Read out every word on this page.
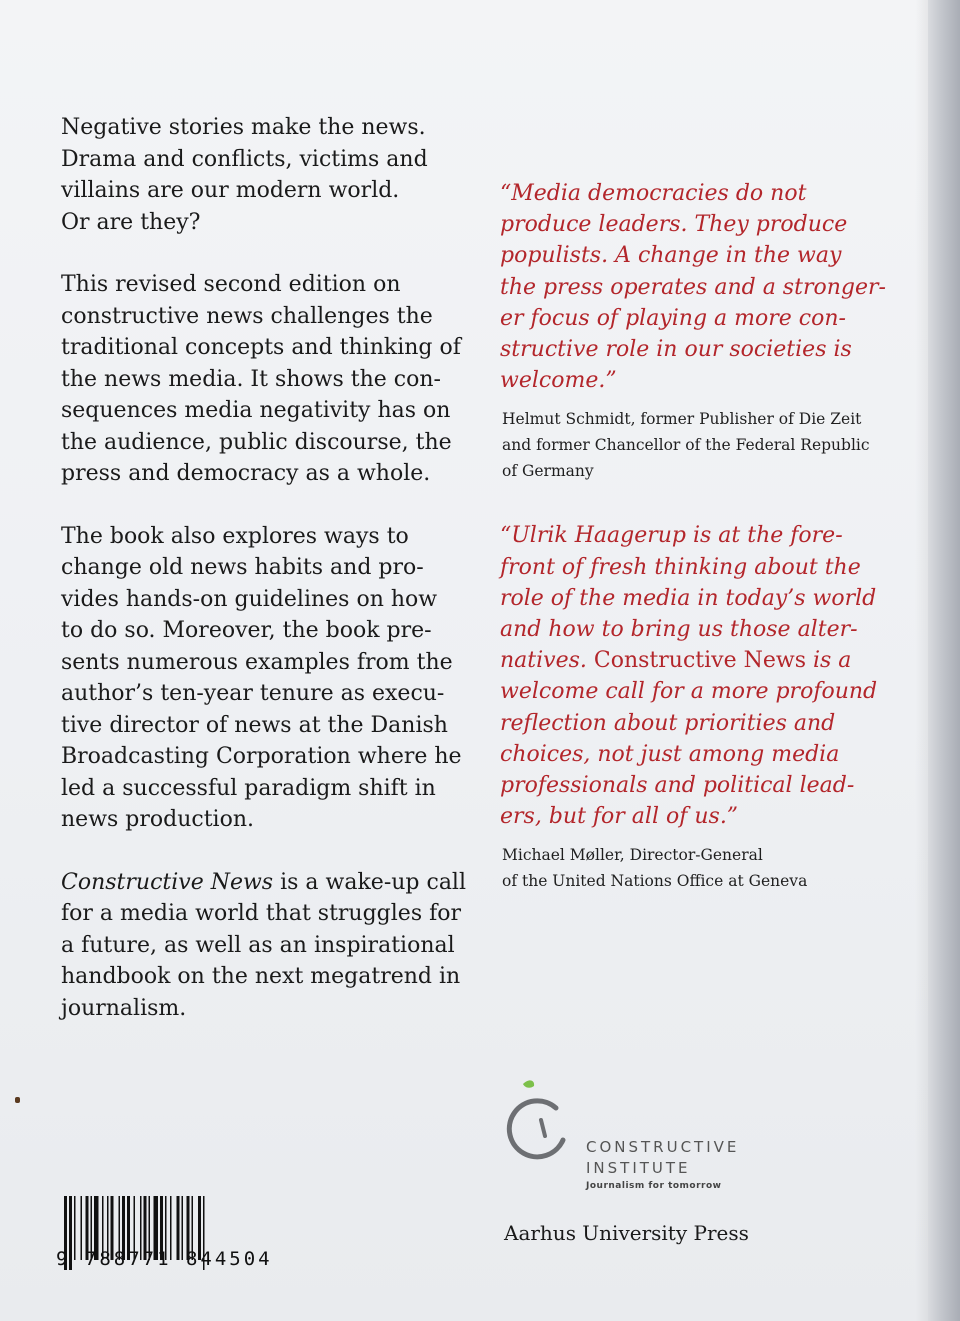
Negative stories make the news.
Drama and conflicts, victims and
villains are our modern world.
Or are they?

This revised second edition on
constructive news challenges the
traditional concepts and thinking of
the news media. It shows the con-
sequences media negativity has on
the audience, public discourse, the
press and democracy as a whole.

The book also explores ways to
change old news habits and pro-
vides hands-on guidelines on how
to do so. Moreover, the book pre-
sents numerous examples from the
author’s ten-year tenure as execu-
tive director of news at the Danish
Broadcasting Corporation where he
led a successful paradigm shift in
news production.

Constructive News is a wake-up call
for a media world that struggles for
a future, as well as an inspirational
handbook on the next megatrend in
journalism.

“Media democracies do not
produce leaders. They produce
populists. A change in the way
the press operates and a stronger-
er focus of playing a more con-
structive role in our societies is
welcome.”

Helmut Schmidt, former Publisher of Die Zeit
and former Chancellor of the Federal Republic
of Germany

“Ulrik Haagerup is at the fore-
front of fresh thinking about the
role of the media in today’s world
and how to bring us those alter-
natives. Constructive News is a
welcome call for a more profound
reflection about priorities and
choices, not just among media
professionals and political lead-
ers, but for all of us.”

Michael Møller, Director-General
of the United Nations Office at Geneva

CONSTRUCTIVE
INSTITUTE
Journalism for tomorrow
Aarhus University Press
9 788771 844504
